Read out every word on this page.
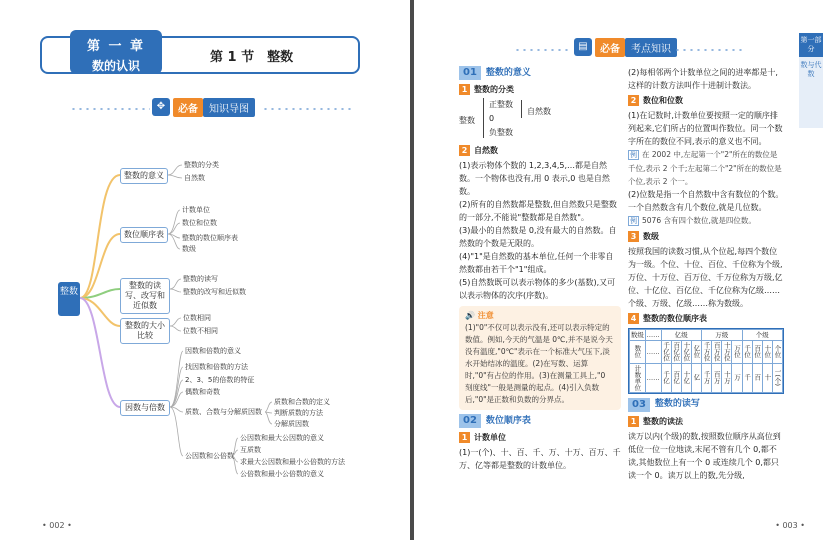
第 一 章
数的认识
第 1 节　整数
✥	必备	知识导图
整数
整数的意义
整数的分类
自然数
数位顺序表
计数单位
数位和位数
整数的数位顺序表
数级
整数的读写、改写和近似数
整数的读写
整数的改写和近似数
整数的大小比较
位数相同
位数不相同
因数与倍数
因数和倍数的意义
找因数和倍数的方法
2、3、5的倍数的特征
偶数和奇数
质数、合数与分解质因数
公因数和公倍数
质数和合数的定义
判断质数的方法
分解质因数
公因数和最大公因数的意义
互质数
求最大公因数和最小公倍数的方法
公倍数和最小公倍数的意义
• 002 •
▤	必备	考点知识
第一部分
数与代数
01	整数的意义
1 整数的分类
整数
正整数
0
负整数
自然数
2 自然数
(1)表示物体个数的 1,2,3,4,5,…都是自然数。一个物体也没有,用 0 表示,0 也是自然数。
(2)所有的自然数都是整数,但自然数只是整数的一部分,不能说"整数都是自然数"。
(3)最小的自然数是 0,没有最大的自然数。自然数的个数是无限的。
(4)"1"是自然数的基本单位,任何一个非零自然数都由若干个"1"组成。
(5)自然数既可以表示物体的多少(基数),又可以表示物体的次序(序数)。
🔊 注意
(1)"0"不仅可以表示没有,还可以表示特定的数值。例如,今天的气温是 0℃,并不是说今天没有温度,"0℃"表示在一个标准大气压下,淡水开始结冰的温度。(2)在写数、运算时,"0"有占位的作用。(3)在测量工具上,"0 刻度线"一般是测量的起点。(4)引入负数后,"0"是正数和负数的分界点。
02	数位顺序表
1 计数单位
(1)一(个)、十、百、千、万、十万、百万、千万、亿等都是整数的计数单位。
(2)每相邻两个计数单位之间的进率都是十,这样的计数方法叫作十进制计数法。
2 数位和位数
(1)在记数时,计数单位要按照一定的顺序排列起来,它们所占的位置叫作数位。同一个数字所在的数位不同,表示的意义也不同。
例 在 2002 中,左起第一个"2"所在的数位是千位,表示 2 个千;左起第二个"2"所在的数位是个位,表示 2 个一。
(2)位数是指一个自然数中含有数位的个数。一个自然数含有几个数位,就是几位数。
例 5076 含有四个数位,就是四位数。
3 数级
按照我国的读数习惯,从个位起,每四个数位为一级。个位、十位、百位、千位称为个级,万位、十万位、百万位、千万位称为万级,亿位、十亿位、百亿位、千亿位称为亿级……个级、万级、亿级……称为数级。
4 整数的数位顺序表
数级	……	亿级				万级				个级			
数位	……	千亿位	百亿位	十亿位	亿位	千万位	百万位	十万位	万位	千位	百位	十位	个位
计数单位	……	千亿	百亿	十亿	亿	千万	百万	十万	万	千	百	十	一(个)
03	整数的读写
1 整数的读法
读万以内(个级)的数,按照数位顺序从高位到低位一位一位地读,末尾不管有几个 0,都不读,其他数位上有一个 0 或连续几个 0,都只读一个 0。读万以上的数,先分级,
• 003 •
